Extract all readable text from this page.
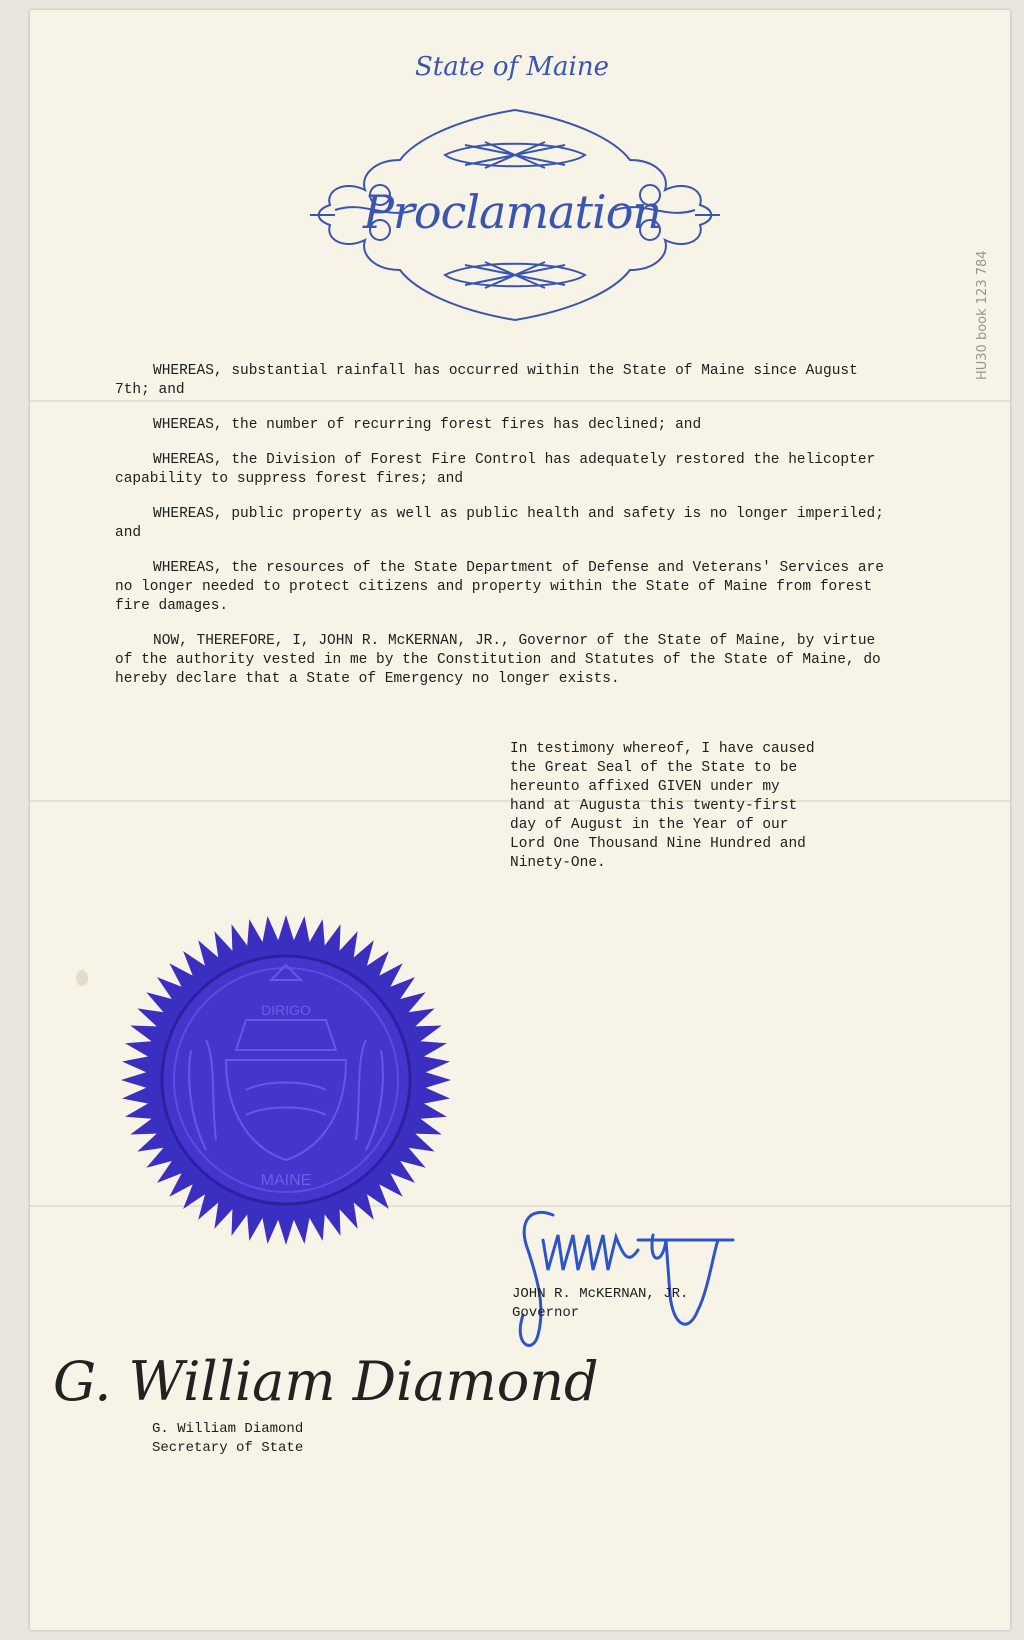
State of Maine
Proclamation
HU30 book 123 784

WHEREAS, substantial rainfall has occurred within the State of Maine since August 7th; and

WHEREAS, the number of recurring forest fires has declined; and

WHEREAS, the Division of Forest Fire Control has adequately restored the helicopter capability to suppress forest fires; and

WHEREAS, public property as well as public health and safety is no longer imperiled; and

WHEREAS, the resources of the State Department of Defense and Veterans' Services are no longer needed to protect citizens and property within the State of Maine from forest fire damages.

NOW, THEREFORE, I, JOHN R. McKERNAN, JR., Governor of the State of Maine, by virtue of the authority vested in me by the Constitution and Statutes of the State of Maine, do hereby declare that a State of Emergency no longer exists.

In testimony whereof, I have caused
the Great Seal of the State to be
hereunto affixed GIVEN under my
hand at Augusta this twenty-first
day of August in the Year of our
Lord One Thousand Nine Hundred and
Ninety-One.
DIRIGO
MAINE
JOHN R. McKERNAN, JR.
Governor
G. William Diamond
G. William Diamond
Secretary of State
